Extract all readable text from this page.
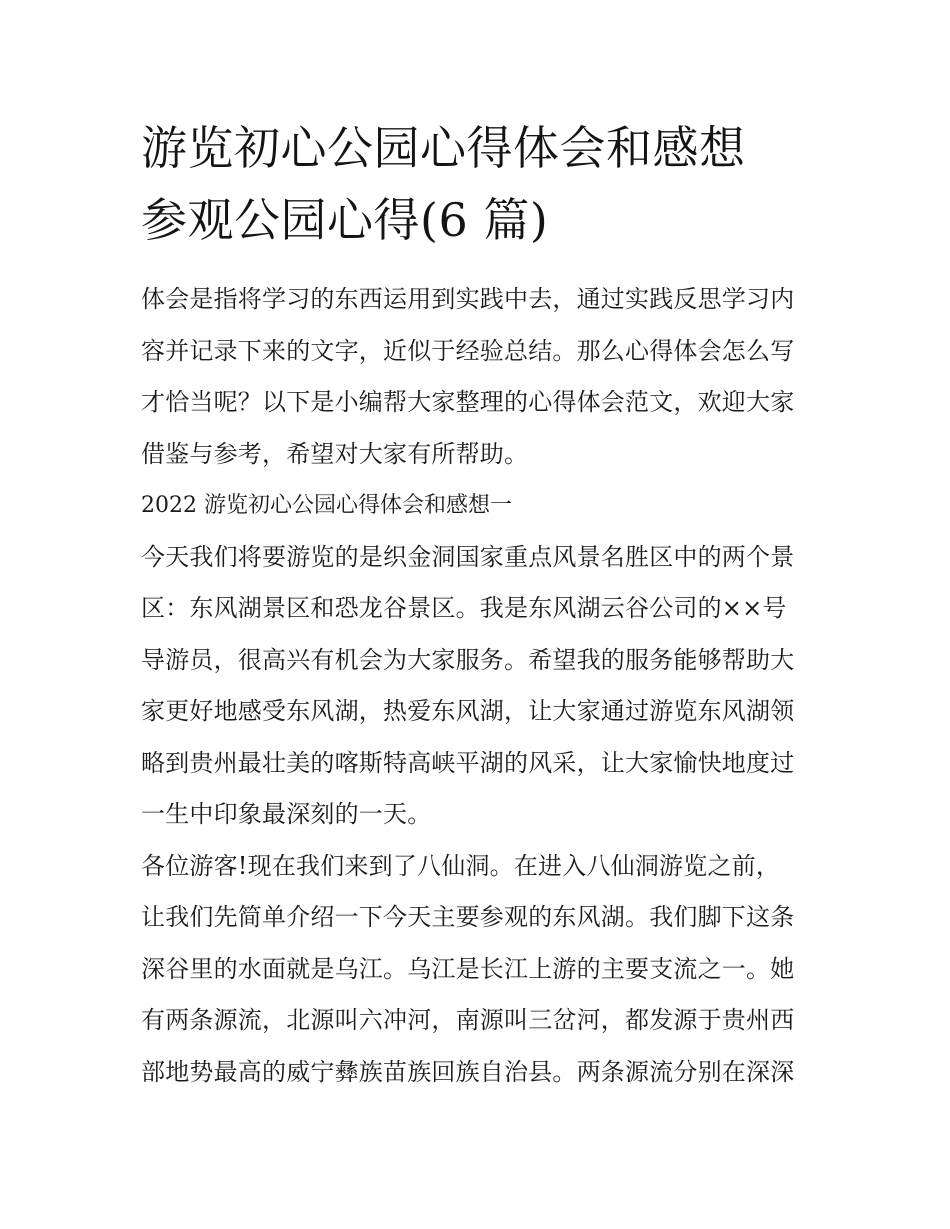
游览初心公园心得体会和感想
参观公园心得(6 篇)

体会是指将学习的东西运用到实践中去，通过实践反思学习内
容并记录下来的文字，近似于经验总结。那么心得体会怎么写
才恰当呢？以下是小编帮大家整理的心得体会范文，欢迎大家
借鉴与参考，希望对大家有所帮助。

2022 游览初心公园心得体会和感想一

今天我们将要游览的是织金洞国家重点风景名胜区中的两个景
区：东风湖景区和恐龙谷景区。我是东风湖云谷公司的××号
导游员，很高兴有机会为大家服务。希望我的服务能够帮助大
家更好地感受东风湖，热爱东风湖，让大家通过游览东风湖领
略到贵州最壮美的喀斯特高峡平湖的风采，让大家愉快地度过
一生中印象最深刻的一天。

各位游客!现在我们来到了八仙洞。在进入八仙洞游览之前，
让我们先简单介绍一下今天主要参观的东风湖。我们脚下这条
深谷里的水面就是乌江。乌江是长江上游的主要支流之一。她
有两条源流，北源叫六冲河，南源叫三岔河，都发源于贵州西
部地势最高的威宁彝族苗族回族自治县。两条源流分别在深深
